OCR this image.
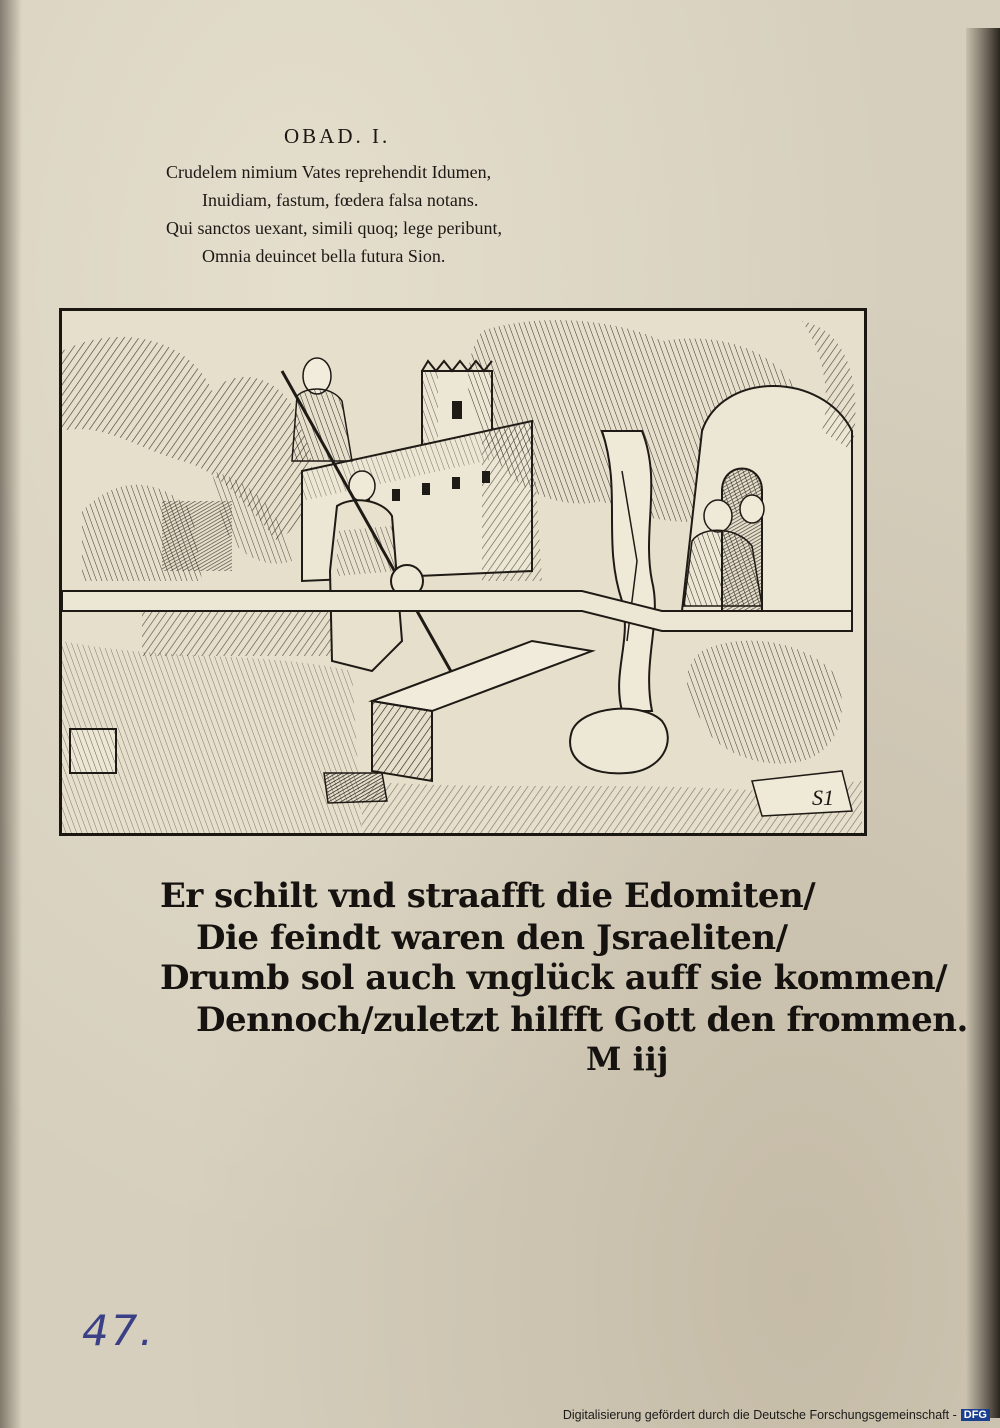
OBAD. I.
Crudelem nimium Vates reprehendit Idumen,
Inuidiam, fastum, fœdera falsa notans.
Qui sanctos uexant, simili quoq; lege peribunt,
Omnia deuincet bella futura Sion.
S1
Er schilt vnd straafft die Edomiten/
Die feindt waren den Jsraeliten/
Drumb sol auch vnglück auff sie kommen/
Dennoch/zuletzt hilfft Gott den frommen.
M iij
47.
Digitalisierung gefördert durch die Deutsche Forschungsgemeinschaft - DFG
